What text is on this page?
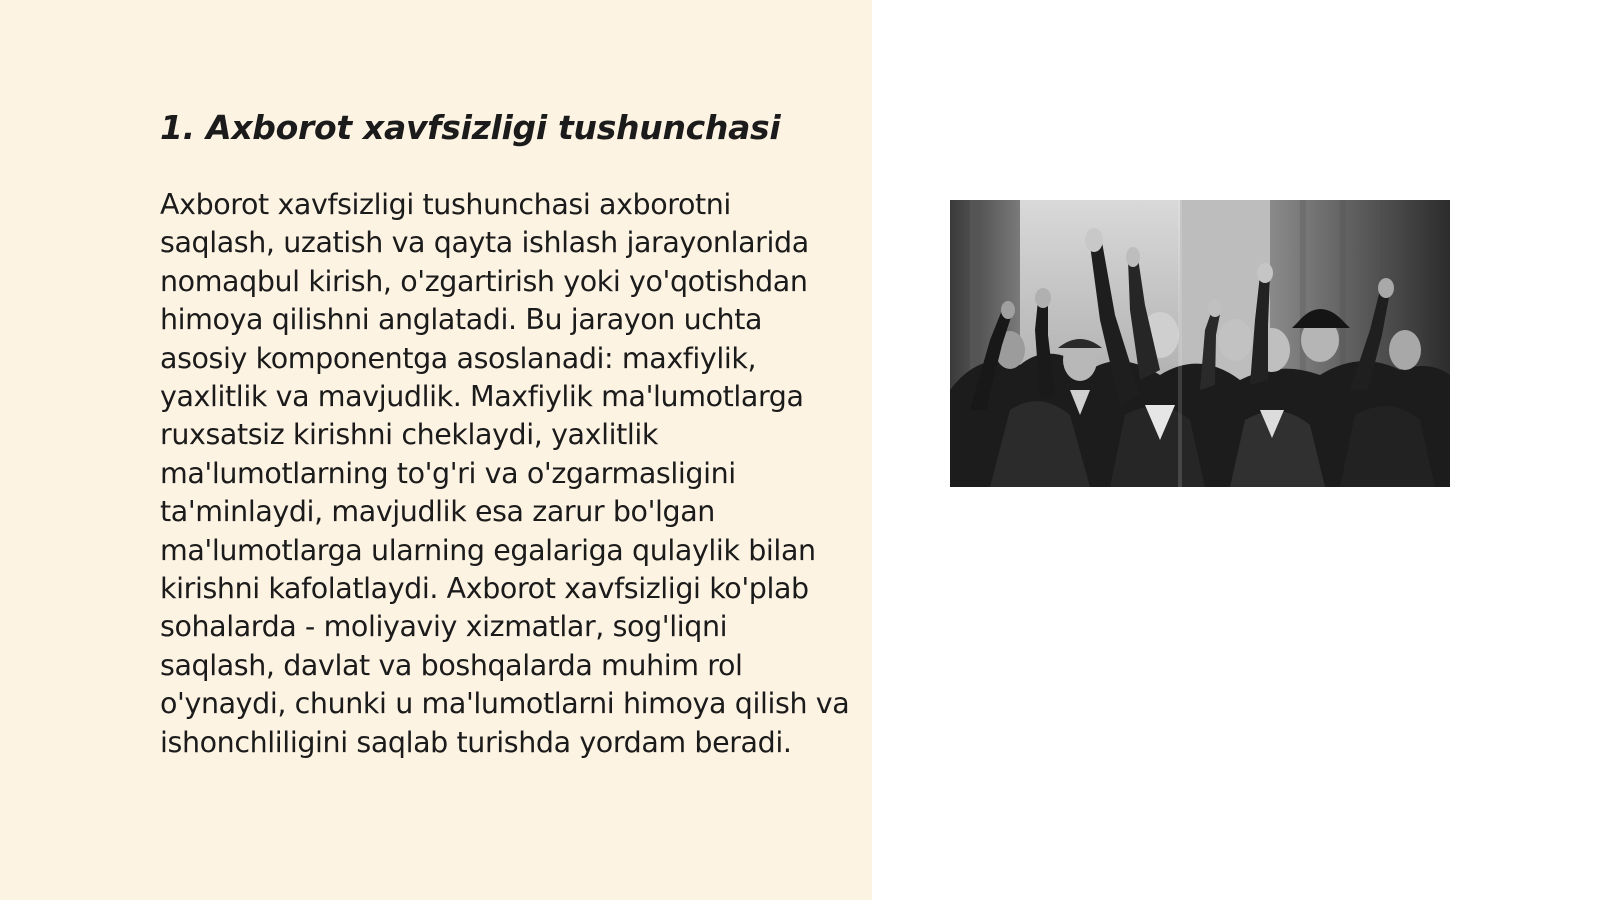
1. Axborot xavfsizligi tushunchasi

Axborot xavfsizligi tushunchasi axborotni saqlash, uzatish va qayta ishlash jarayonlarida nomaqbul kirish, o'zgartirish yoki yo'qotishdan himoya qilishni anglatadi. Bu jarayon uchta asosiy komponentga asoslanadi: maxfiylik, yaxlitlik va mavjudlik. Maxfiylik ma'lumotlarga ruxsatsiz kirishni cheklaydi, yaxlitlik ma'lumotlarning to'g'ri va o'zgarmasligini ta'minlaydi, mavjudlik esa zarur bo'lgan ma'lumotlarga ularning egalariga qulaylik bilan kirishni kafolatlaydi. Axborot xavfsizligi ko'plab sohalarda - moliyaviy xizmatlar, sog'liqni saqlash, davlat va boshqalarda muhim rol o'ynaydi, chunki u ma'lumotlarni himoya qilish va ishonchliligini saqlab turishda yordam beradi.
